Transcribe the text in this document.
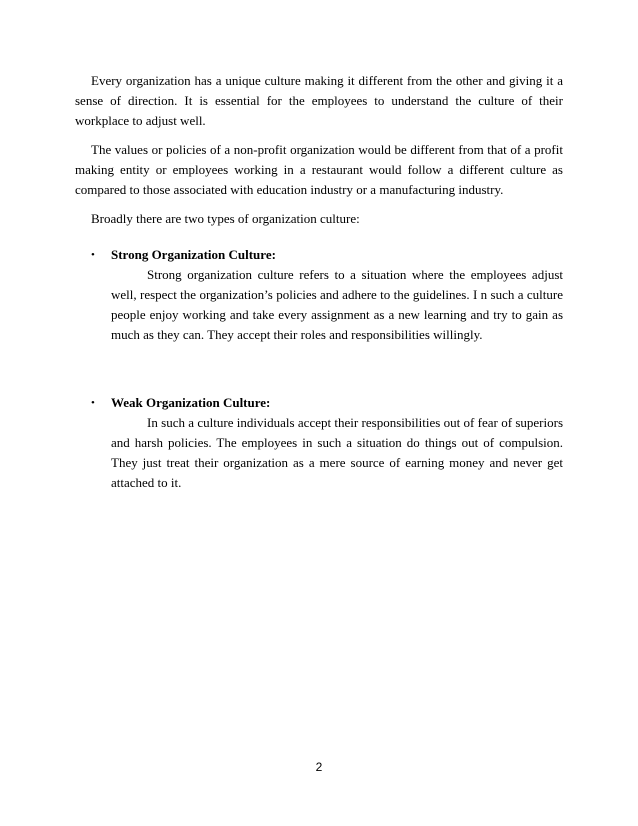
Every organization has a unique culture making it different from the other and giving it a sense of direction. It is essential for the employees to understand the culture of their workplace to adjust well.

The values or policies of a non-profit organization would be different from that of a profit making entity or employees working in a restaurant would follow a different culture as compared to those associated with education industry or a manufacturing industry.

Broadly there are two types of organization culture:

• Strong Organization Culture:

Strong organization culture refers to a situation where the employees adjust well, respect the organization’s policies and adhere to the guidelines. I n such a culture people enjoy working and take every assignment as a new learning and try to gain as much as they can. They accept their roles and responsibilities willingly.

• Weak Organization Culture:

In such a culture individuals accept their responsibilities out of fear of superiors and harsh policies. The employees in such a situation do things out of compulsion. They just treat their organization as a mere source of earning money and never get attached to it.

2
